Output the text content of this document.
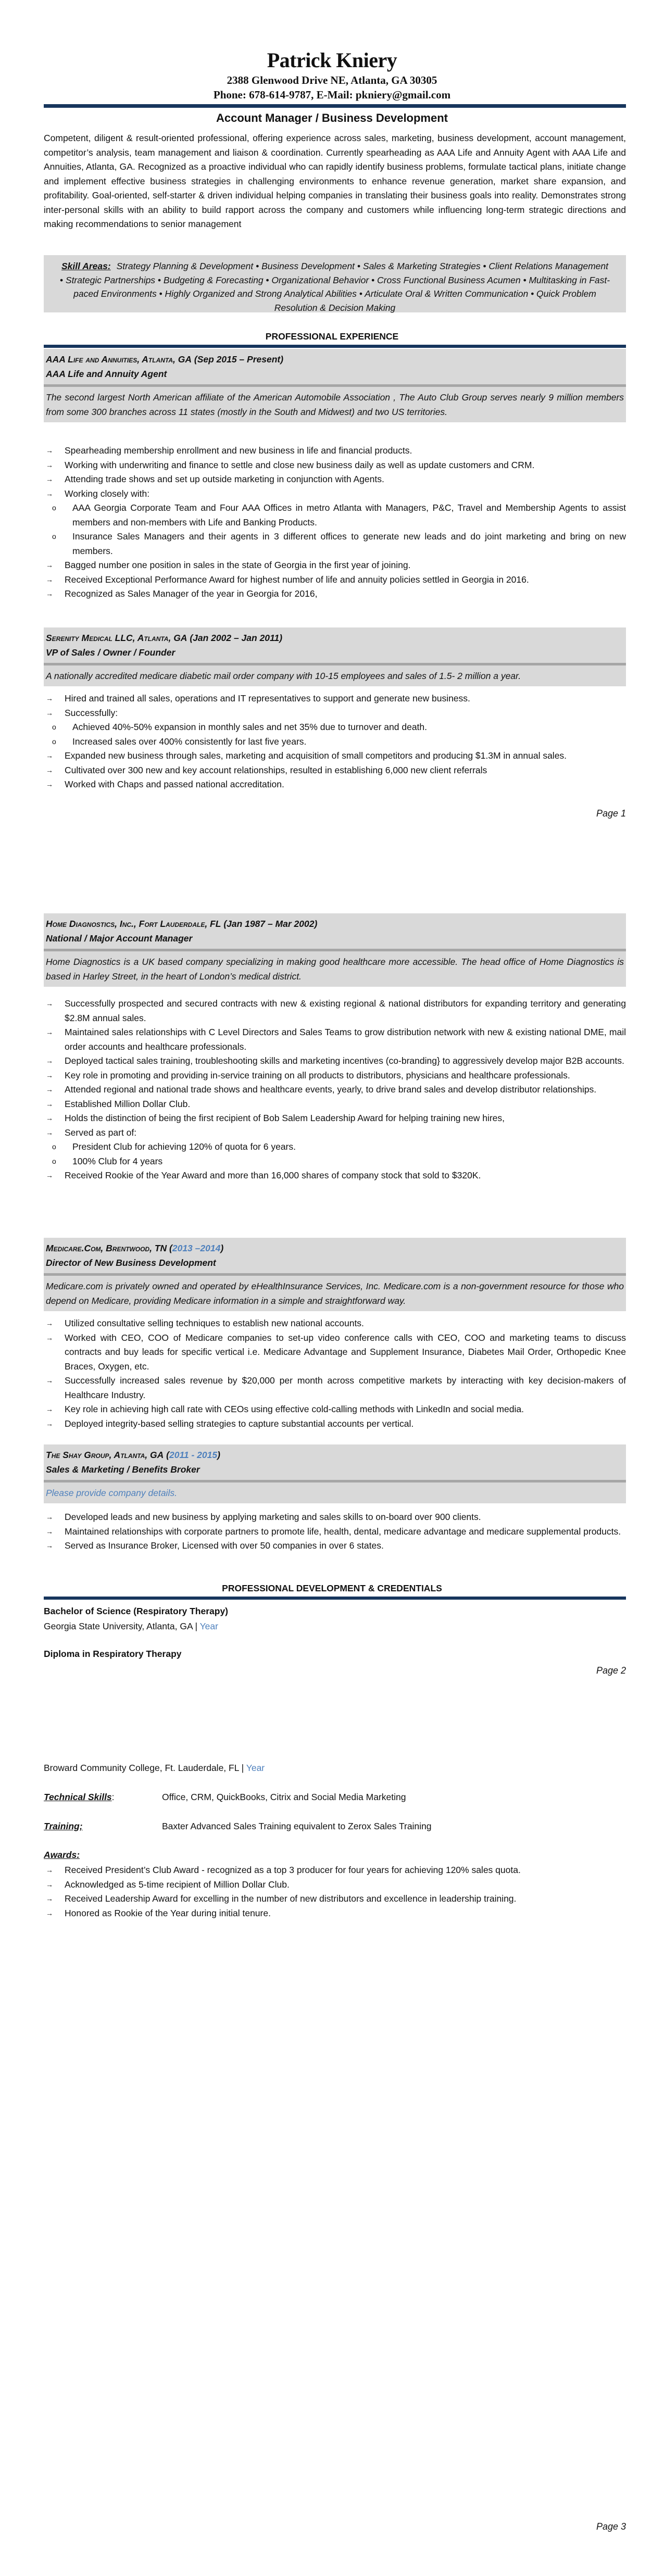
Patrick Kniery
2388 Glenwood Drive NE, Atlanta, GA 30305
Phone: 678-614-9787, E-Mail: pkniery@gmail.com
Account Manager / Business Development
Competent, diligent & result-oriented professional, offering experience across sales, marketing, business development, account management, competitor’s analysis, team management and liaison & coordination. Currently spearheading as AAA Life and Annuity Agent with AAA Life and Annuities, Atlanta, GA. Recognized as a proactive individual who can rapidly identify business problems, formulate tactical plans, initiate change and implement effective business strategies in challenging environments to enhance revenue generation, market share expansion, and profitability. Goal-oriented, self-starter & driven individual helping companies in translating their business goals into reality. Demonstrates strong inter-personal skills with an ability to build rapport across the company and customers while influencing long-term strategic directions and making recommendations to senior management
Skill Areas: Strategy Planning & Development • Business Development • Sales & Marketing Strategies • Client Relations Management • Strategic Partnerships • Budgeting & Forecasting • Organizational Behavior • Cross Functional Business Acumen • Multitasking in Fast-paced Environments • Highly Organized and Strong Analytical Abilities • Articulate Oral & Written Communication • Quick Problem Resolution & Decision Making
PROFESSIONAL EXPERIENCE
AAA Life and Annuities, Atlanta, GA (Sep 2015 – Present)
AAA Life and Annuity Agent
The second largest North American affiliate of the American Automobile Association , The Auto Club Group serves nearly 9 million members from some 300 branches across 11 states (mostly in the South and Midwest) and two US territories.
→ Spearheading membership enrollment and new business in life and financial products.
→ Working with underwriting and finance to settle and close new business daily as well as update customers and CRM.
→ Attending trade shows and set up outside marketing in conjunction with Agents.
→ Working closely with:
o AAA Georgia Corporate Team and Four AAA Offices in metro Atlanta with Managers, P&C, Travel and Membership Agents to assist members and non-members with Life and Banking Products.
o Insurance Sales Managers and their agents in 3 different offices to generate new leads and do joint marketing and bring on new members.
→ Bagged number one position in sales in the state of Georgia in the first year of joining.
→ Received Exceptional Performance Award for highest number of life and annuity policies settled in Georgia in 2016.
→ Recognized as Sales Manager of the year in Georgia for 2016,
Serenity Medical LLC, Atlanta, GA (Jan 2002 – Jan 2011)
VP of Sales / Owner / Founder
A nationally accredited medicare diabetic mail order company with 10-15 employees and sales of 1.5- 2 million a year.
→ Hired and trained all sales, operations and IT representatives to support and generate new business.
→ Successfully:
o Achieved 40%-50% expansion in monthly sales and net 35% due to turnover and death.
o Increased sales over 400% consistently for last five years.
→ Expanded new business through sales, marketing and acquisition of small competitors and producing $1.3M in annual sales.
→ Cultivated over 300 new and key account relationships, resulted in establishing 6,000 new client referrals
→ Worked with Chaps and passed national accreditation.
Page 1
Home Diagnostics, Inc., Fort Lauderdale, FL (Jan 1987 – Mar 2002)
National / Major Account Manager
Home Diagnostics is a UK based company specializing in making good healthcare more accessible. The head office of Home Diagnostics is based in Harley Street, in the heart of London’s medical district.
→ Successfully prospected and secured contracts with new & existing regional & national distributors for expanding territory and generating $2.8M annual sales.
→ Maintained sales relationships with C Level Directors and Sales Teams to grow distribution network with new & existing national DME, mail order accounts and healthcare professionals.
→ Deployed tactical sales training, troubleshooting skills and marketing incentives (co-branding} to aggressively develop major B2B accounts.
→ Key role in promoting and providing in-service training on all products to distributors, physicians and healthcare professionals.
→ Attended regional and national trade shows and healthcare events, yearly, to drive brand sales and develop distributor relationships.
→ Established Million Dollar Club.
→ Holds the distinction of being the first recipient of Bob Salem Leadership Award for helping training new hires,
→ Served as part of:
o President Club for achieving 120% of quota for 6 years.
o 100% Club for 4 years
→ Received Rookie of the Year Award and more than 16,000 shares of company stock that sold to $320K.
Medicare.Com, Brentwood, TN (2013 –2014)
Director of New Business Development
Medicare.com is privately owned and operated by eHealthInsurance Services, Inc. Medicare.com is a non-government resource for those who depend on Medicare, providing Medicare information in a simple and straightforward way.
→ Utilized consultative selling techniques to establish new national accounts.
→ Worked with CEO, COO of Medicare companies to set-up video conference calls with CEO, COO and marketing teams to discuss contracts and buy leads for specific vertical i.e. Medicare Advantage and Supplement Insurance, Diabetes Mail Order, Orthopedic Knee Braces, Oxygen, etc.
→ Successfully increased sales revenue by $20,000 per month across competitive markets by interacting with key decision-makers of Healthcare Industry.
→ Key role in achieving high call rate with CEOs using effective cold-calling methods with LinkedIn and social media.
→ Deployed integrity-based selling strategies to capture substantial accounts per vertical.
The Shay Group, Atlanta, GA (2011 - 2015)
Sales & Marketing / Benefits Broker
Please provide company details.
→ Developed leads and new business by applying marketing and sales skills to on-board over 900 clients.
→ Maintained relationships with corporate partners to promote life, health, dental, medicare advantage and medicare supplemental products.
→ Served as Insurance Broker, Licensed with over 50 companies in over 6 states.
PROFESSIONAL DEVELOPMENT & CREDENTIALS
Bachelor of Science (Respiratory Therapy)
Georgia State University, Atlanta, GA | Year
Diploma in Respiratory Therapy
Page 2
Broward Community College, Ft. Lauderdale, FL | Year
Technical Skills:	Office, CRM, QuickBooks, Citrix and Social Media Marketing
Training;	Baxter Advanced Sales Training equivalent to Zerox Sales Training
Awards:
→ Received President’s Club Award - recognized as a top 3 producer for four years for achieving 120% sales quota.
→ Acknowledged as 5-time recipient of Million Dollar Club.
→ Received Leadership Award for excelling in the number of new distributors and excellence in leadership training.
→ Honored as Rookie of the Year during initial tenure.
Page 3
